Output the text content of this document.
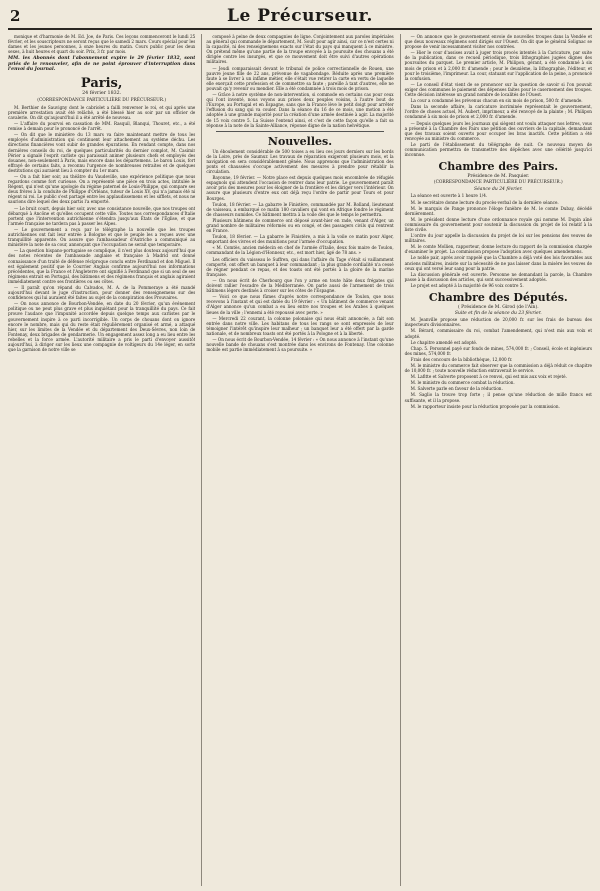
2	Le Précurseur.

monique et d'harmonie de M. Ed. Joe, de Paris. Ces leçons commenceront le lundi 25 février, et les souscripteurs ne seront reçus que le samedi 2 mars. Cours spécial pour les dames et les jeunes personnes, à onze heures du matin. Cours public pour les deux sexes, à huit heures et quart du soir. Prix, 3 fr. par mois.

MM. les Abonnés dont l'abonnement expire le 29 février 1832, sont priés de le renouveler, afin de ne point éprouver d'interruption dans l'envoi du Journal.
Paris,
24 février 1832.
(CORRESPONDANCE PARTICULIÈRE DU PRÉCURSEUR.)

M. Berthier de Sauvigny dont le cabriolet a failli renverser le roi, et qui après une première arrestation avait été relâché, a été blessé hier au soir par un officier de cavalerie. On dit qu'aujourd'hui il a été arrêté de nouveau.

— L'affaire du pourvoi en cassation de MM. Rasquil, Blanqui, Thouret, etc., a été remise à demain pour le prononcé de l'arrêt.

— On dit que le ministère du 13 mars va faire maintenant mettre de tous les employés d'administration qui continuent leur attachement au système déchu. Les directions financières vont subir de grandes épurations. En rendant compte, dans nos dernières conseils du roi, de quelques particularités du dernier complot, M. Casimir Périer a signalé l'esprit carliste qui paraissait animer plusieurs chefs et employés des douanes, non-seulement à Paris, mais encore dans les départemens. Le baron Louis, fort effrayé de certains faits, a reconnu l'urgence de nombreuses retraites et de quelques destitutions qui auraient lieu à compter du 1er mars.

— On a fait hier soir, au théâtre du Vaudeville, une expérience politique que nous regardons comme fort curieuse. On a représenté une pièce en trois actes, intitulée le Régent, qui n'est qu'une apologie du régime paternel de Louis-Philippe, qui compare ses deux frères à la conduite de Philippe d'Orléans, tuteur de Louis XV, qui n'a jamais été ni régent ni roi. Le public s'est partagé entre les applaudissemens et les sifflets, et nous ne saurions dire lequel des deux partis l'a emporté.

— Le bruit court, depuis hier soir, avec une consistance nouvelle, que nos troupes ont débarqué à Ancône et qu'elles occupent cette ville. Toutes nos correspondances d'Italie portent que l'intervention autrichienne s'étendra jusqu'aux États de l'Église, et que l'armée française ne tardera pas à passer les Alpes.

— Le gouvernement a reçu par le télégraphe la nouvelle que les troupes autrichiennes ont fait leur entrée à Bologne et que le peuple les a reçues avec une tranquillité apparente. On assure que l'ambassadeur d'Autriche a communiqué au ministère la note de sa cour, annonçant que l'occupation ne serait que temporaire.

— La question hispano-portugaise se complique, il n'est plus douteux aujourd'hui que des notes récentes de l'ambassade anglaise et française à Madrid ont donné connaissance d'un traité de défense réciproque conclu entre Ferdinand et don Miguel. Il est également positif que le Courrier Anglais confirme aujourd'hui nos informations précédentes, que la France et l'Angleterre ont signifié à Ferdinand que si un seul de ses régimens entrait en Portugal, des bâtimens et des régimens français et anglais agiraient immédiatement contre ses frontières ou ses côtes.

— Il paraît qu'on répand du Calvados, M. A. de la Pommeraye a été mandé aujourd'hui devant le juge d'instruction, pour donner des renseignemens sur des confidences qui lui auraient été faites au sujet de la conspiration des Prouvaires.

— On nous annonce de Bourbon-Vendée, en date du 20 février, qu'un événement politique ou ne peut plus grave et plus inquiétant pour la tranquillité du pays. Ce fait prouve l'audace que l'impunité accordée depuis quelque temps aux carlistes par le gouvernement inspire à ce parti incorrigible. Un corps de chouans dont on ignore encore le nombre, mais qui du reste était régulièrement organisé et armé, a attaqué hier, sur les limites de la Vendée et du département des Deux-Sèvres, non loin de Fontenay, deux brigades de gendarmerie. Un engagement assez long a eu lieu entre les rebelles et la force armée. L'autorité militaire a pris le parti d'envoyer aussitôt aujourd'hui, à diriger sur les lieux une compagnie de voltigeurs du 14e léger, en sorte que la garnison de notre ville se

composé à peine de deux compagnies de ligne. Conjointement aux paroles impériales au général qui commande le département, M. Soult pour agir ainsi, car ce n'est certes ni la capacité, ni des renseignemens exacts sur l'état du pays qui manquent à ce ministre. On prétend même qu'une partie de la troupe envoyée à la poursuite des chouans a été dirigée contre les insurgés, et que ce mouvement doit être suivi d'autres opérations militaires.

— Jeudi comparaissait devant le tribunal de police correctionnelle de Rouen, une pauvre jeune fille de 22 ans, prévenue de vagabondage. Réduite après une première faute à se livrer à un infâme métier, elle s'était vue retirer la carte en vertu de laquelle elle exerçait cette profession et de commettre sa faute ; pareille à tant d'autres, elle ne pouvait qu'y revenir ou mendier. Elle a été condamnée à trois mois de prison.

— Grâce à notre système de non-intervention, si commode en certains cas pour ceux qui l'ont inventé, nous voyons aux prises deux peuples voisins, à l'autre bout de l'Europe, au Portugal et en Espagne, sans que la France lève le petit doigt pour arrêter l'effusion du sang qui va couler. Dans la séance du 16 de ce mois, une motion a été adoptée à une grande majorité pour la création d'une armée destinée à agir. La majorité de 15 voix contre 5. La Suisse l'entend ainsi, et c'est de cette façon qu'elle a fait sa réponse à la note de la Sainte-Alliance, réponse digne de la nation helvétique.

Nouvelles.

Un éboulement considérable de 500 toises a eu lieu ces jours derniers sur les bords de la Loire, près de Saumur. Les travaux de réparation exigeront plusieurs mois, et la navigation en sera considérablement gênée. Nous apprenons que l'administration des ponts et chaussées s'occupe activement des mesures à prendre pour rétablir la circulation.

Bayonne, 19 février. — Notre place est depuis quelques mois encombrée de réfugiés espagnols qui attendent l'occasion de rentrer dans leur patrie. Le gouvernement paraît avoir pris des mesures pour les éloigner de la frontière et les diriger vers l'intérieur. On assure que plusieurs d'entre eux ont déjà reçu l'ordre de partir pour Tours et pour Bourges.

Toulon, 18 février. — La gabarre le Finistère, commandée par M. Rolland, lieutenant de vaisseau, a embarqué ce matin 180 cavaliers qui vont en Afrique fondre le régiment de chasseurs numides. Ce bâtiment mettra à la voile dès que le temps le permettra.

Plusieurs bâtimens de commerce ont déposé avant-hier en rade, venant d'Alger, un grand nombre de militaires réformés ou en congé, et des passagers civils qui rentrent en France.

Toulon, 18 février. — La gabarre le Finistère, a mis à la voile ce matin pour Alger, emportant des vivres et des munitions pour l'armée d'occupation.

« M. Comtès, ancien médecin en chef de l'armée d'Italie, deux fois maire de Toulon, commandant de la Légion-d'Honneur, etc., est mort hier, âgé de 78 ans. »

Les officiers du vaisseau le Suffren, qui dans l'affaire du Tage s'était si vaillamment comporté, ont offert un banquet à leur commandant ; la plus grande cordialité n'a cessé de régner pendant ce repas, et des toasts ont été portés à la gloire de la marine française.

— On nous écrit de Cherbourg que l'on y arme en toute hâte deux frégates qui doivent rallier l'escadre de la Méditerranée. On parle aussi de l'armement de trois bâtimens légers destinés à croiser sur les côtes de l'Espagne.

— Voici ce que nous fûmes d'après notre correspondance de Toulon, que nous recevons à l'instant et qui est datée du 19 février : « Un bâtiment de commerce venant d'Alger annonce qu'un combat a eu lieu entre nos troupes et les Arabes à quelques lieues de la ville ; l'ennemi a été repoussé avec perte. »

— Mercredi 22 courant, la colonne polonaise qui nous était annoncée, a fait son entrée dans notre ville. Les habitans de tous les rangs se sont empressés de leur témoigner l'intérêt qu'inspire leur malheur ; un banquet leur a été offert par la garde nationale, et de nombreux toasts ont été portés à la Pologne et à la liberté.

— On nous écrit de Bourbon-Vendée, 14 février : « On nous annonce à l'instant qu'une nouvelle bande de chouans s'est montrée dans les environs de Fontenay. Une colonne mobile est partie immédiatement à sa poursuite. »

— On annonce que le gouvernement envoie de nouvelles troupes dans la Vendée et que deux nouveaux régimens sont dirigés sur l'Ouest. On dit que le général Solignac se propose de venir incessamment visiter nos contrées.

— Hier le cour d'assises avait à juger trois procès intentés à la Caricature, par suite de la publication, dans ce recueil périodique, trois lithographies jugées dignes des poursuites du parquet. Le premier article, M. Philipon, gérant, a été condamné à six mois de prison et à 2,000 fr. d'amende ; pour le deuxième, la lithographie, l'éditeur, et pour le troisième, l'imprimeur. La cour, statuant sur l'application de la peine, a prononcé la confusion.

— Le conseil d'état vient de se prononcer sur la question de savoir si l'on pouvait exiger des communes le paiement des dépenses faites pour le casernement des troupes. Cette décision intéresse un grand nombre de localités de l'Ouest.

La cour a condamné les prévenus chacun en six mois de prison, 500 fr. d'amende.

Dans la seconde affaire, la caricature incriminée représentait le gouvernement, l'ordre de choses actuel, M. Aubert, imprimeur, a été renvoyé de la plainte ; M. Philipon condamné à six mois de prison et 2,000 fr. d'amende.

— Depuis quelques jours les journaux qui siègent ont voulu attaquer nos lettres, vous a présenté à la Chambre des Pairs une pétition des ouvriers de la capitale, demandant que des travaux soient ouverts pour occuper les bras inactifs. Cette pétition a été renvoyée au ministre du commerce.

Le parti de l'établissement du télégraphe de nuit. Ce nouveau moyen de communication permettra de transmettre des dépêches avec une célérité jusqu'ici inconnue.

Chambre des Pairs.
Présidence de M. Pasquier.
(CORRESPONDANCE PARTICULIÈRE DU PRÉCURSEUR.)
Séance du 24 février.

La séance est ouverte à 1 heure 1/4.

M. le secrétaire donne lecture du procès-verbal de la dernière séance.

M. le marquis de Pange prononce l'éloge funèbre de M. le comte Dubay, décédé dernièrement.

M. le président donne lecture d'une ordonnance royale qui nomme M. Dupin aîné commissaire du gouvernement pour soutenir la discussion du projet de loi relatif à la liste civile.

L'ordre du jour appelle la discussion du projet de loi sur les pensions des veuves de militaires.

M. le comte Mollien, rapporteur, donne lecture du rapport de la commission chargée d'examiner le projet. La commission propose l'adoption avec quelques amendemens.

Le noble pair, après avoir rappelé que la Chambre a déjà voté des lois favorables aux anciens militaires, insiste sur la nécessité de ne pas laisser dans la misère les veuves de ceux qui ont versé leur sang pour la patrie.

La discussion générale est ouverte. Personne ne demandant la parole, la Chambre passe à la discussion des articles, qui sont successivement adoptés.

Le projet est adopté à la majorité de 96 voix contre 5.

Chambre des Députés.
( Présidence de M. Girod (de l'Ain).
Suite et fin de la séance du 23 février.

M. Jeanville propose une réduction de 20,000 fr. sur les frais de bureau des inspecteurs divisionnaires.

M. Bérard, commissaire du roi, combat l'amendement, qui n'est mis aux voix et adopté.

Le chapitre amendé est adopté.

Chap. 5. Personnel payé sur fonds de mines, 574,000 fr. ; Conseil, école et ingénieurs des mines, 574,000 fr.

Frais des concours de la bibliothèque, 12,000 fr.

M. le ministre du commerce fait observer que la commission a déjà réduit ce chapitre de 10,000 fr. ; toute nouvelle réduction entraverait le service.

M. Lafitte et Salverte proposent à ce renvoi, qui est mis aux voix et rejeté.

M. le ministre du commerce combat la réduction.

M. Salverte parle en faveur de la réduction.

M. Saglio la trouve trop forte ; il pense qu'une réduction de mille francs est suffisante, et il la propose.

M. le rapporteur insiste pour la réduction proposée par la commission.
